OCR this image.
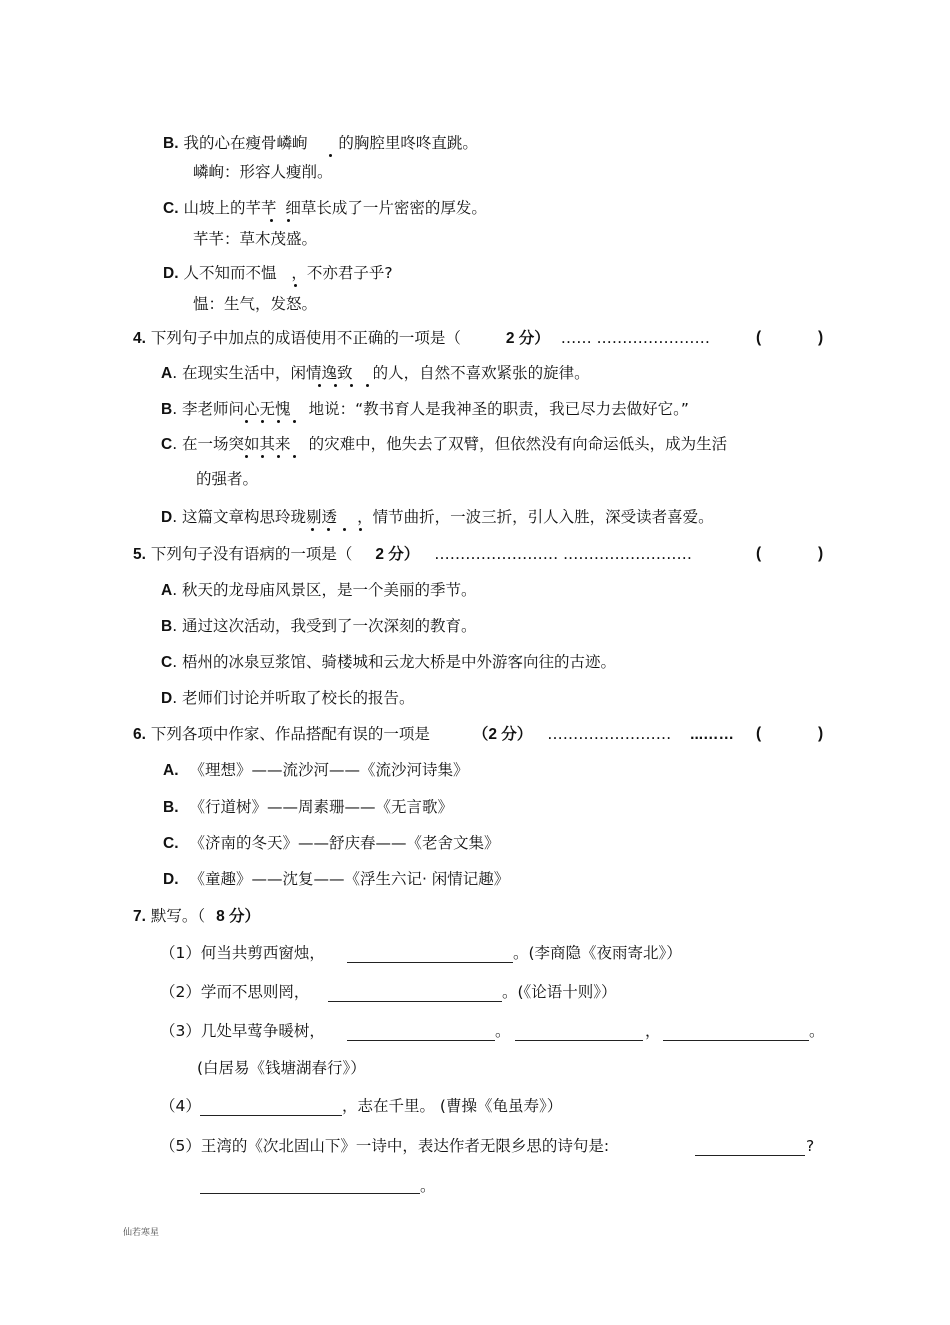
B. 我的心在瘦骨嶙峋 的胸腔里咚咚直跳。
嶙峋：形容人瘦削。
C. 山坡上的芊芊 细草长成了一片密密的厚发。
芊芊：草木茂盛。
D. 人不知而不愠 ，不亦君子乎?
愠：生气，发怒。
4. 下列句子中加点的成语使用不正确的一项是（	2 分） …… .…………………	(	)
A. 在现实生活中，闲情逸致 的人，自然不喜欢紧张的旋律。
B. 李老师问心无愧 地说：“教书育人是我神圣的职责，我已尽力去做好它。”
C. 在一场突如其来 的灾难中，他失去了双臂，但依然没有向命运低头，成为生活
的强者。
D. 这篇文章构思玲珑剔透 ，情节曲折，一波三折，引人入胜，深受读者喜爱。
5. 下列句子没有语病的一项是（ 2 分） …………………… .……………………	(	)
A. 秋天的龙母庙风景区，是一个美丽的季节。
B. 通过这次活动，我受到了一次深刻的教育。
C. 梧州的冰泉豆浆馆、骑楼城和云龙大桥是中外游客向往的古迹。
D. 老师们讨论并听取了校长的报告。
6. 下列各项中作家、作品搭配有误的一项是	（2 分） …………………… ...…… (	)
A. 《理想》——流沙河——《流沙河诗集》
B. 《行道树》——周素珊——《无言歌》
C. 《济南的冬天》——舒庆春——《老舍文集》
D. 《童趣》——沈复——《浮生六记· 闲情记趣》
7. 默写。（ 8 分）
（1）何当共剪西窗烛，	。(李商隐《夜雨寄北》）
（2）学而不思则罔，	。(《论语十则》）
（3）几处早莺争暖树，	。	，	。
(白居易《钱塘湖春行》）
（4）	，志在千里。 (曹操《龟虽寿》）
（5）王湾的《次北固山下》一诗中，表达作者无限乡思的诗句是:	?
。
仙若寒星
